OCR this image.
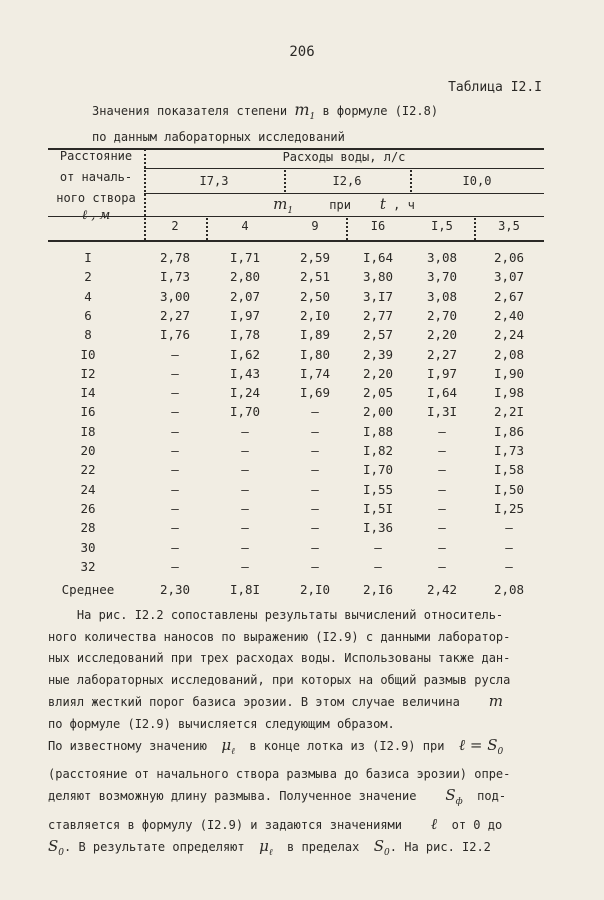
206
Таблица I2.I
Значения показателя степени $m_1$ в формуле (I2.8)
по данным лабораторных исследований
Расстояние
от началь-
ного створа
ℓ , м
Расходы воды, л/с
I7,3	I2,6	I0,0
$m_1$	при t , ч
2	4	9	I6	I,5	3,5
I	2,78	I,71	2,59	I,64	3,08	2,06
2	I,73	2,80	2,51	3,80	3,70	3,07
4	3,00	2,07	2,50	3,I7	3,08	2,67
6	2,27	I,97	2,I0	2,77	2,70	2,40
8	I,76	I,78	I,89	2,57	2,20	2,24
I0	–	I,62	I,80	2,39	2,27	2,08
I2	–	I,43	I,74	2,20	I,97	I,90
I4	–	I,24	I,69	2,05	I,64	I,98
I6	–	I,70	–	2,00	I,3I	2,2I
I8	–	–	–	I,88	–	I,86
20	–	–	–	I,82	–	I,73
22	–	–	–	I,70	–	I,58
24	–	–	–	I,55	–	I,50
26	–	–	–	I,5I	–	I,25
28	–	–	–	I,36	–	–
30	–	–	–	–	–	–
32	–	–	–	–	–	–
Среднее	2,30	I,8I	2,I0	2,I6	2,42	2,08

На рис. I2.2 сопоставлены результаты вычислений относитель-

ного количества наносов по выражению (I2.9) с данными лаборатор-

ных исследований при трех расходах воды. Использованы также дан-

ные лабораторных исследований, при которых на общий размыв русла

влиял жесткий порог базиса эрозии. В этом случае величина m

по формуле (I2.9) вычисляется следующим образом.

По известному значению $\mu_\ell$ в конце лотка из (I2.9) при ℓ = $S_0$

(расстояние от начального створа размыва до базиса эрозии) опре-

деляют возможную длину размыва. Полученное значение $S_ф$ под-

ставляется в формулу (I2.9) и задаются значениями ℓ от 0 до

$S_0$. В результате определяют $\mu_\ell$ в пределах $S_0$. На рис. I2.2
